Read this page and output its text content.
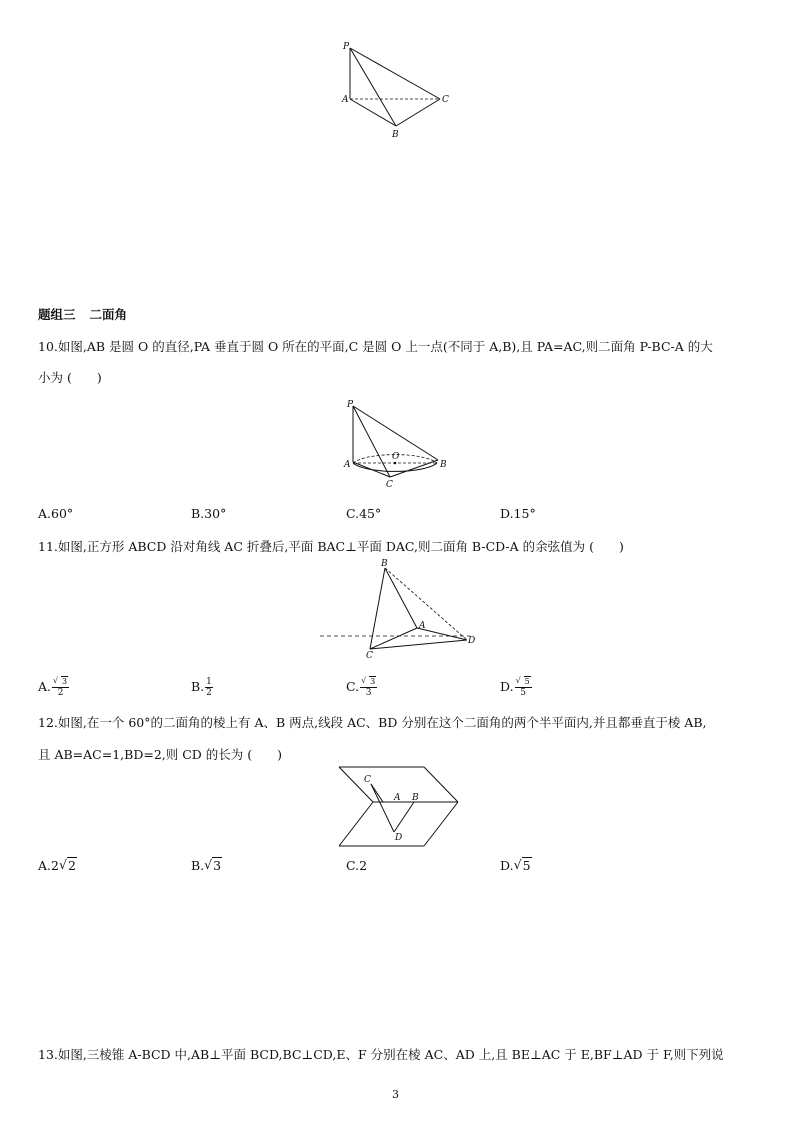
P
A	C
B
题组三 二面角
10.如图,AB 是圆 O 的直径,PA 垂直于圆 O 所在的平面,C 是圆 O 上一点(不同于 A,B),且 PA=AC,则二面角 P-BC-A 的大
小为 (　　)
P
O
A	B
C
A.60°	B.30°	C.45°	D.15°
11.如图,正方形 ABCD 沿对角线 AC 折叠后,平面 BAC⊥平面 DAC,则二面角 B-CD-A 的余弦值为 (　　)
B
A
D
C
A. √ $\frac{3}{2}$	B. $\frac{1}{2}$	C. √ $\frac{3}{3}$	D. √ $\frac{5}{5}$
12.如图,在一个 60°的二面角的棱上有 A、B 两点,线段 AC、BD 分别在这个二面角的两个半平面内,并且都垂直于棱 AB,
且 AB=AC=1,BD=2,则 CD 的长为 (　　)
C
A B
D
A.2 √ 2	B. √ 3	C.2	D. √ 5
13.如图,三棱锥 A-BCD 中,AB⊥平面 BCD,BC⊥CD,E、F 分别在棱 AC、AD 上,且 BE⊥AC 于 E,BF⊥AD 于 F,则下列说
3
